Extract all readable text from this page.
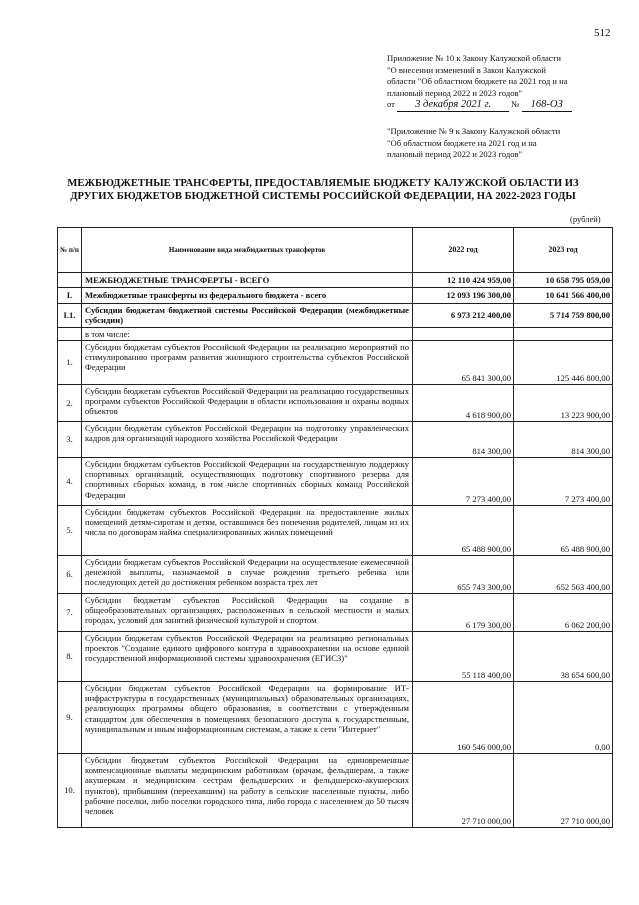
512
Приложение № 10 к Закону Калужской области
"О внесении изменений в Закон Калужской
области "Об областном бюджете на 2021 год и на
плановый период 2022 и 2023 годов"
от 3 декабря 2021 г. № 168-ОЗ
"Приложение № 9 к Закону Калужской области
"Об областном бюджете на 2021 год и на
плановый период 2022 и 2023 годов"
МЕЖБЮДЖЕТНЫЕ ТРАНСФЕРТЫ, ПРЕДОСТАВЛЯЕМЫЕ БЮДЖЕТУ КАЛУЖСКОЙ ОБЛАСТИ ИЗ
ДРУГИХ БЮДЖЕТОВ БЮДЖЕТНОЙ СИСТЕМЫ РОССИЙСКОЙ ФЕДЕРАЦИИ, НА 2022-2023 ГОДЫ
(рублей)
№ п/п	Наименование вида межбюджетных трансфертов	2022 год	2023 год
	МЕЖБЮДЖЕТНЫЕ ТРАНСФЕРТЫ - ВСЕГО	12 110 424 959,00	10 658 795 059,00
I.	Межбюджетные трансферты из федерального бюджета - всего	12 093 196 300,00	10 641 566 400,00
I.1.	Субсидии бюджетам бюджетной системы Российской Федерации (межбюджетные субсидии)	6 973 212 400,00	5 714 759 800,00
	в том числе:		
1.	Субсидии бюджетам субъектов Российской Федерации на реализацию мероприятий по стимулированию программ развития жилищного строительства субъектов Российской Федерации	65 841 300,00	125 446 800,00
2.	Субсидии бюджетам субъектов Российской Федерации на реализацию государственных программ субъектов Российской Федерации в области использования и охраны водных объектов	4 618 900,00	13 223 900,00
3.	Субсидии бюджетам субъектов Российской Федерации на подготовку управленческих кадров для организаций народного хозяйства Российской Федерации	814 300,00	814 300,00
4.	Субсидии бюджетам субъектов Российской Федерации на государственную поддержку спортивных организаций, осуществляющих подготовку спортивного резерва для спортивных сборных команд, в том числе спортивных сборных команд Российской Федерации	7 273 400,00	7 273 400,00
5.	Субсидии бюджетам субъектов Российской Федерации на предоставление жилых помещений детям-сиротам и детям, оставшимся без попечения родителей, лицам из их числа по договорам найма специализированных жилых помещений	65 488 900,00	65 488 900,00
6.	Субсидии бюджетам субъектов Российской Федерации на осуществление ежемесячной денежной выплаты, назначаемой в случае рождения третьего ребенка или последующих детей до достижения ребенком возраста трех лет	655 743 300,00	652 563 400,00
7.	Субсидии бюджетам субъектов Российской Федерации на создание в общеобразовательных организациях, расположенных в сельской местности и малых городах, условий для занятий физической культурой и спортом	6 179 300,00	6 062 200,00
8.	Субсидии бюджетам субъектов Российской Федерации на реализацию региональных проектов "Создание единого цифрового контура в здравоохранении на основе единой государственной информационной системы здравоохранения (ЕГИСЗ)"	55 118 400,00	38 654 600,00
9.	Субсидии бюджетам субъектов Российской Федерации на формирование ИТ-инфраструктуры в государственных (муниципальных) образовательных организациях, реализующих программы общего образования, в соответствии с утвержденным стандартом для обеспечения в помещениях безопасного доступа к государственным, муниципальным и иным информационным системам, а также к сети "Интернет"	160 546 000,00	0,00
10.	Субсидии бюджетам субъектов Российской Федерации на единовременные компенсационные выплаты медицинским работникам (врачам, фельдшерам, а также акушеркам и медицинским сестрам фельдшерских и фельдшерско-акушерских пунктов), прибывшим (переехавшим) на работу в сельские населенные пункты, либо рабочие поселки, либо поселки городского типа, либо города с населением до 50 тысяч человек	27 710 000,00	27 710 000,00
